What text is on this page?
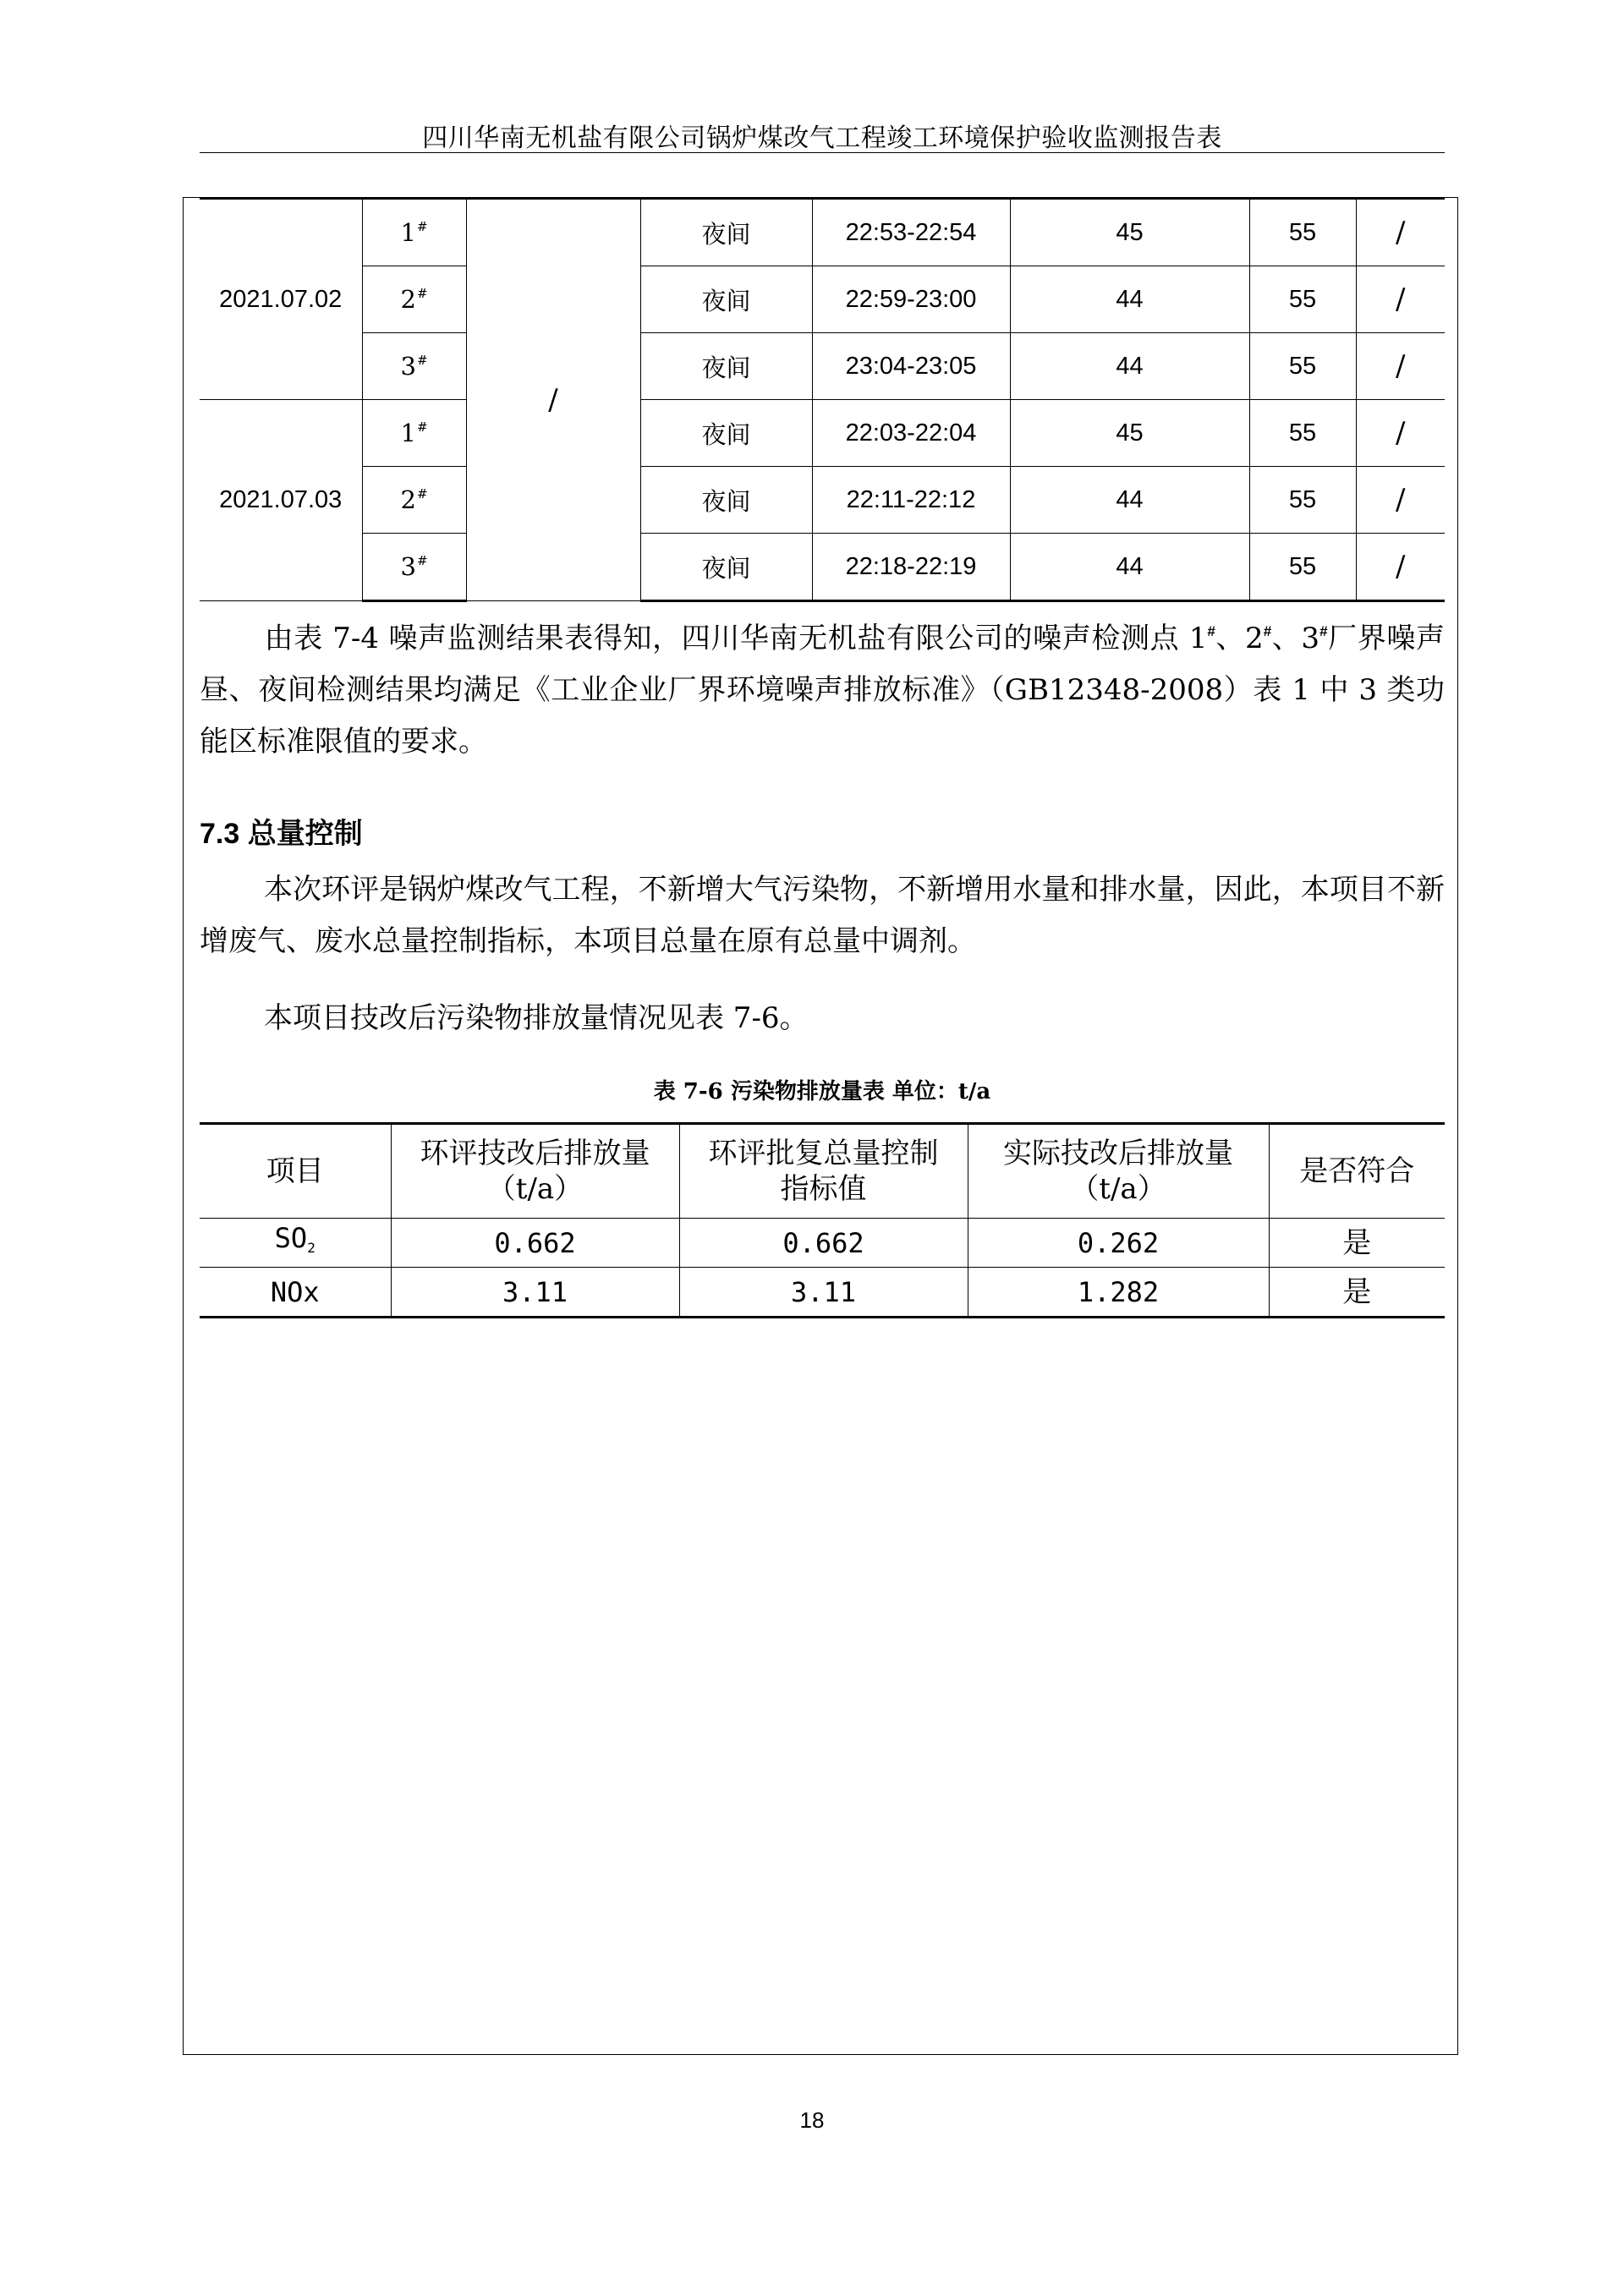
四川华南无机盐有限公司锅炉煤改气工程竣工环境保护验收监测报告表
2021.07.02	1#	/	夜间	22:53-22:54	45	55	/
	2#		夜间	22:59-23:00	44	55	/
	3#		夜间	23:04-23:05	44	55	/
2021.07.03	1#		夜间	22:03-22:04	45	55	/
	2#		夜间	22:11-22:12	44	55	/
	3#		夜间	22:18-22:19	44	55	/

由表 7-4 噪声监测结果表得知，四川华南无机盐有限公司的噪声检测点 1#、2#、3#厂界噪声昼、夜间检测结果均满足《工业企业厂界环境噪声排放标准》（GB12348-2008）表 1 中 3 类功能区标准限值的要求。

7.3 总量控制

本次环评是锅炉煤改气工程，不新增大气污染物，不新增用水量和排水量，因此，本项目不新增废气、废水总量控制指标，本项目总量在原有总量中调剂。

本项目技改后污染物排放量情况见表 7-6。

表 7-6 污染物排放量表 单位：t/a
项目	环评技改后排放量（t/a）	环评批复总量控制指标值	实际技改后排放量（t/a）	是否符合
$SO_2$	0.662	0.662	0.262	是
NOx	3.11	3.11	1.282	是
18
